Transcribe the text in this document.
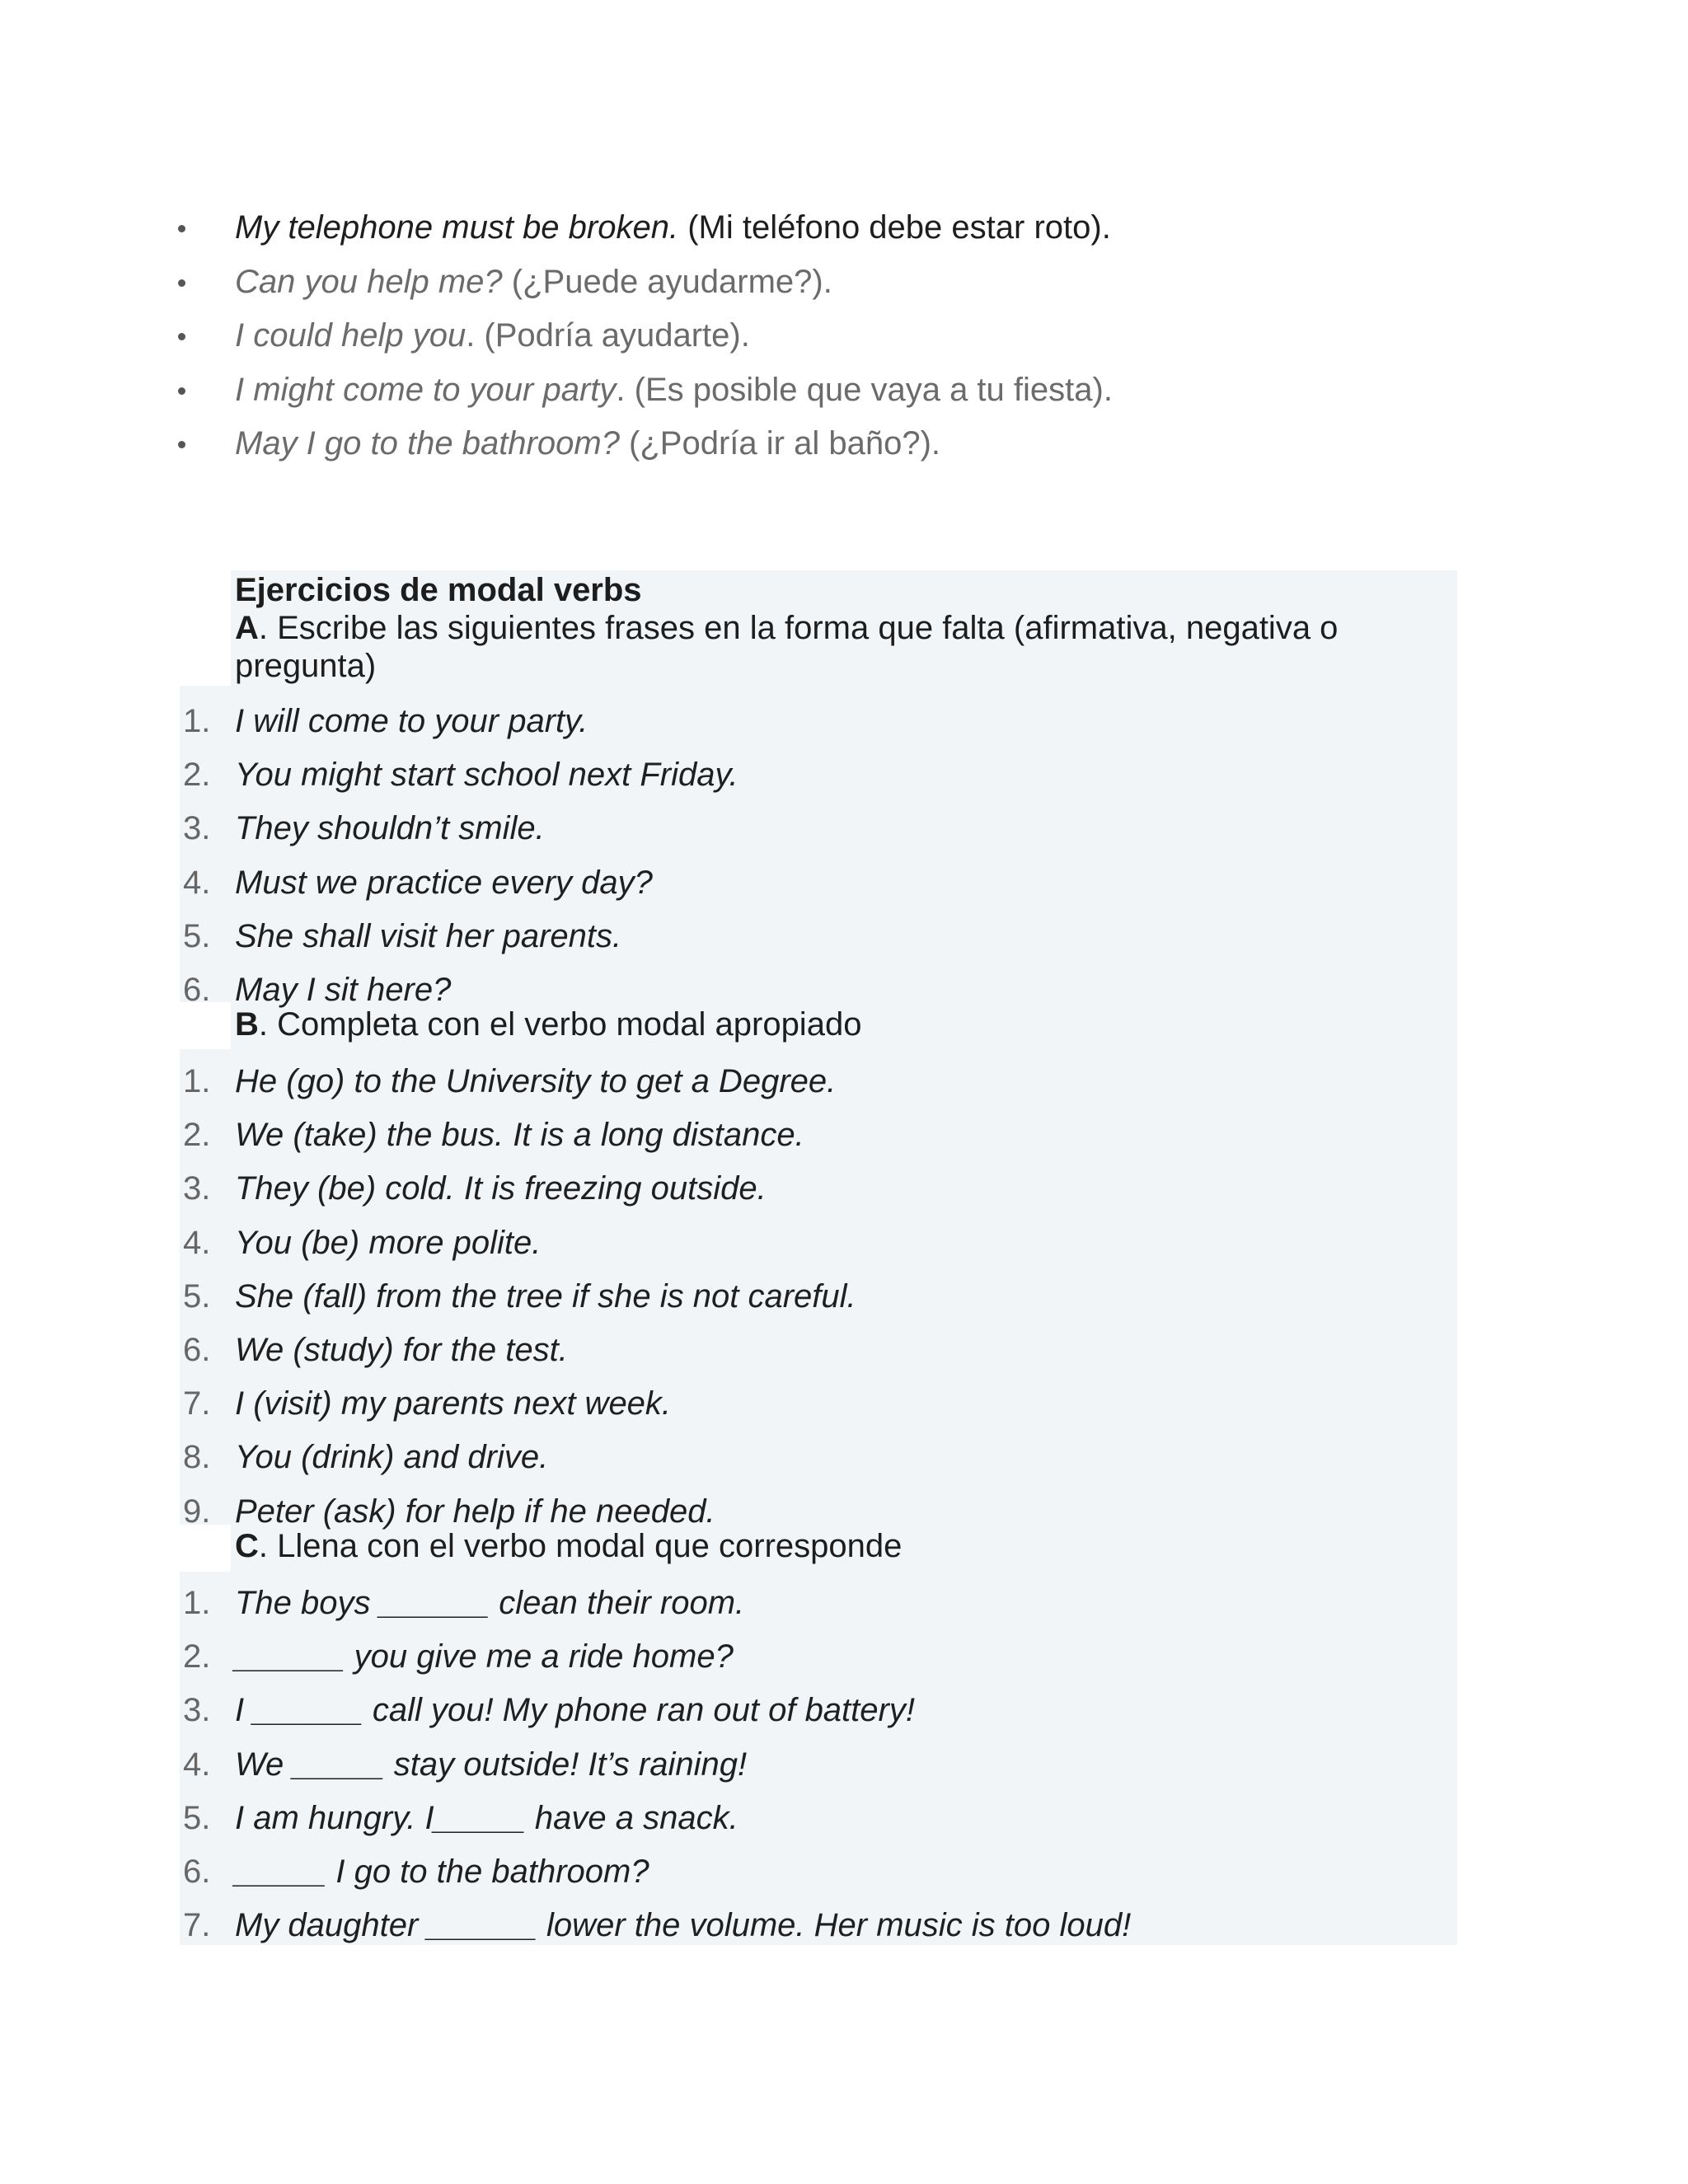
My telephone must be broken. (Mi teléfono debe estar roto).
Can you help me? (¿Puede ayudarme?).
I could help you. (Podría ayudarte).
I might come to your party. (Es posible que vaya a tu fiesta).
May I go to the bathroom? (¿Podría ir al baño?).
Ejercicios de modal verbs
A. Escribe las siguientes frases en la forma que falta (afirmativa, negativa o
pregunta)
1. I will come to your party.
2. You might start school next Friday.
3. They shouldn’t smile.
4. Must we practice every day?
5. She shall visit her parents.
6. May I sit here?
B. Completa con el verbo modal apropiado
1. He (go) to the University to get a Degree.
2. We (take) the bus. It is a long distance.
3. They (be) cold. It is freezing outside.
4. You (be) more polite.
5. She (fall) from the tree if she is not careful.
6. We (study) for the test.
7. I (visit) my parents next week.
8. You (drink) and drive.
9. Peter (ask) for help if he needed.
C. Llena con el verbo modal que corresponde
1. The boys ______ clean their room.
2. ______ you give me a ride home?
3. I ______ call you! My phone ran out of battery!
4. We _____ stay outside! It’s raining!
5. I am hungry. I_____ have a snack.
6. _____ I go to the bathroom?
7. My daughter ______ lower the volume. Her music is too loud!
